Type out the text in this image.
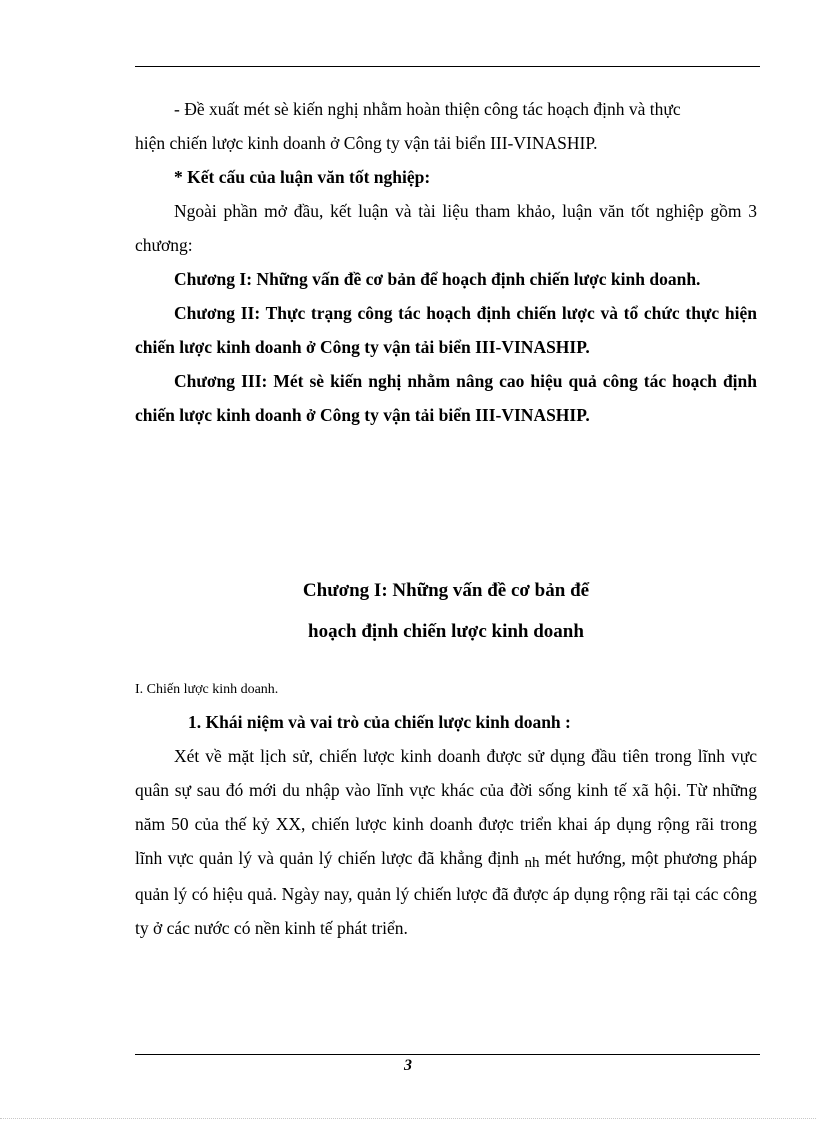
- Đề xuất mét sè kiến nghị nhằm hoàn thiện công tác hoạch định và thực

hiện chiến lược kinh doanh ở Công ty vận tải biển III-VINASHIP.

* Kết cấu của luận văn tốt nghiệp:

Ngoài phần mở đầu, kết luận và tài liệu tham khảo, luận văn tốt nghiệp gồm 3 chương:

Chương I: Những vấn đề cơ bản để hoạch định chiến lược kinh doanh.

Chương II: Thực trạng công tác hoạch định chiến lược và tổ chức thực hiện chiến lược kinh doanh ở Công ty vận tải biển III-VINASHIP.

Chương III: Mét sè kiến nghị nhằm nâng cao hiệu quả công tác hoạch định chiến lược kinh doanh ở Công ty vận tải biển III-VINASHIP.

Chương I: Những vấn đề cơ bản để
hoạch định chiến lược kinh doanh

I. Chiến lược kinh doanh.

1. Khái niệm và vai trò của chiến lược kinh doanh :

Xét về mặt lịch sử, chiến lược kinh doanh được sử dụng đầu tiên trong lĩnh vực quân sự sau đó mới du nhập vào lĩnh vực khác của đời sống kinh tế xã hội. Từ những năm 50 của thế kỷ XX, chiến lược kinh doanh được triển khai áp dụng rộng rãi trong lĩnh vực quản lý và quản lý chiến lược đã khẳng định nh mét hướng, một phương pháp quản lý có hiệu quả. Ngày nay, quản lý chiến lược đã được áp dụng rộng rãi tại các công ty ở các nước có nền kinh tế phát triển.

3
